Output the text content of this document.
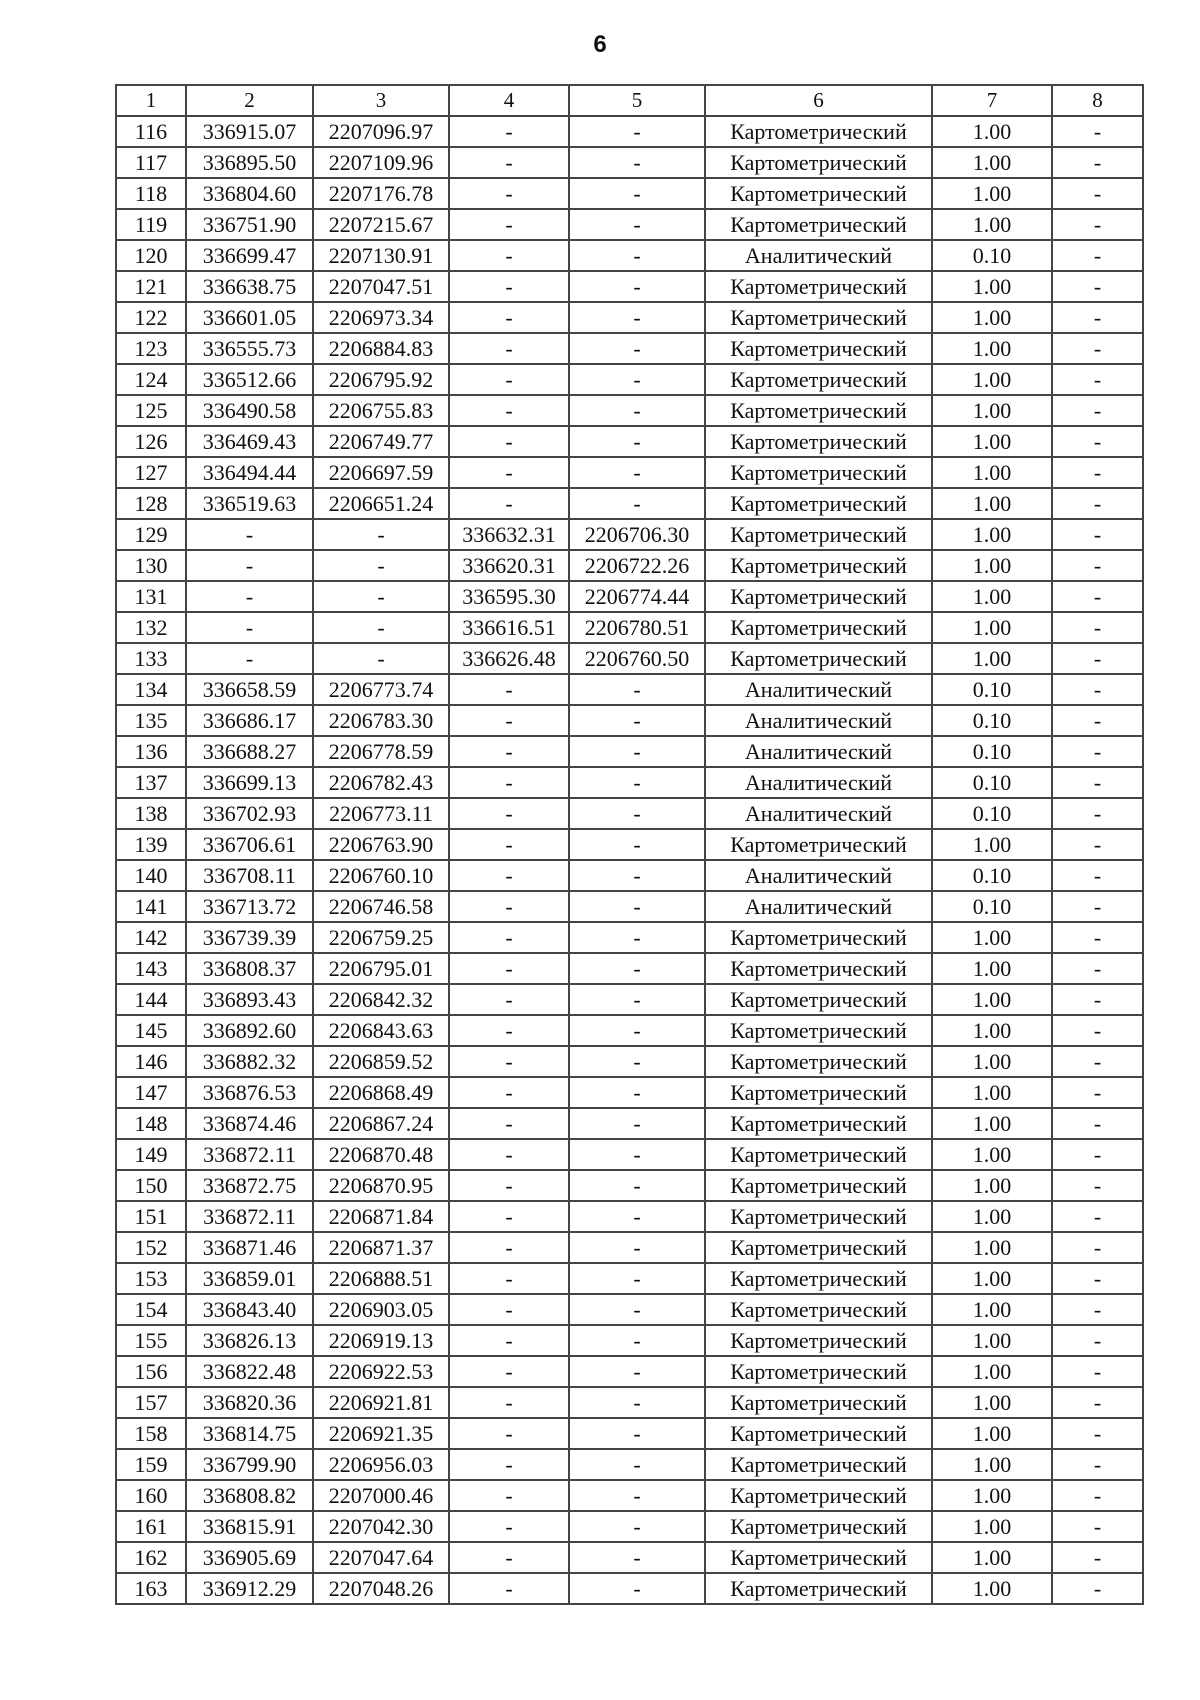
6
1	2	3	4	5	6	7	8
116	336915.07	2207096.97	-	-	Картометрический	1.00	-
117	336895.50	2207109.96	-	-	Картометрический	1.00	-
118	336804.60	2207176.78	-	-	Картометрический	1.00	-
119	336751.90	2207215.67	-	-	Картометрический	1.00	-
120	336699.47	2207130.91	-	-	Аналитический	0.10	-
121	336638.75	2207047.51	-	-	Картометрический	1.00	-
122	336601.05	2206973.34	-	-	Картометрический	1.00	-
123	336555.73	2206884.83	-	-	Картометрический	1.00	-
124	336512.66	2206795.92	-	-	Картометрический	1.00	-
125	336490.58	2206755.83	-	-	Картометрический	1.00	-
126	336469.43	2206749.77	-	-	Картометрический	1.00	-
127	336494.44	2206697.59	-	-	Картометрический	1.00	-
128	336519.63	2206651.24	-	-	Картометрический	1.00	-
129	-	-	336632.31	2206706.30	Картометрический	1.00	-
130	-	-	336620.31	2206722.26	Картометрический	1.00	-
131	-	-	336595.30	2206774.44	Картометрический	1.00	-
132	-	-	336616.51	2206780.51	Картометрический	1.00	-
133	-	-	336626.48	2206760.50	Картометрический	1.00	-
134	336658.59	2206773.74	-	-	Аналитический	0.10	-
135	336686.17	2206783.30	-	-	Аналитический	0.10	-
136	336688.27	2206778.59	-	-	Аналитический	0.10	-
137	336699.13	2206782.43	-	-	Аналитический	0.10	-
138	336702.93	2206773.11	-	-	Аналитический	0.10	-
139	336706.61	2206763.90	-	-	Картометрический	1.00	-
140	336708.11	2206760.10	-	-	Аналитический	0.10	-
141	336713.72	2206746.58	-	-	Аналитический	0.10	-
142	336739.39	2206759.25	-	-	Картометрический	1.00	-
143	336808.37	2206795.01	-	-	Картометрический	1.00	-
144	336893.43	2206842.32	-	-	Картометрический	1.00	-
145	336892.60	2206843.63	-	-	Картометрический	1.00	-
146	336882.32	2206859.52	-	-	Картометрический	1.00	-
147	336876.53	2206868.49	-	-	Картометрический	1.00	-
148	336874.46	2206867.24	-	-	Картометрический	1.00	-
149	336872.11	2206870.48	-	-	Картометрический	1.00	-
150	336872.75	2206870.95	-	-	Картометрический	1.00	-
151	336872.11	2206871.84	-	-	Картометрический	1.00	-
152	336871.46	2206871.37	-	-	Картометрический	1.00	-
153	336859.01	2206888.51	-	-	Картометрический	1.00	-
154	336843.40	2206903.05	-	-	Картометрический	1.00	-
155	336826.13	2206919.13	-	-	Картометрический	1.00	-
156	336822.48	2206922.53	-	-	Картометрический	1.00	-
157	336820.36	2206921.81	-	-	Картометрический	1.00	-
158	336814.75	2206921.35	-	-	Картометрический	1.00	-
159	336799.90	2206956.03	-	-	Картометрический	1.00	-
160	336808.82	2207000.46	-	-	Картометрический	1.00	-
161	336815.91	2207042.30	-	-	Картометрический	1.00	-
162	336905.69	2207047.64	-	-	Картометрический	1.00	-
163	336912.29	2207048.26	-	-	Картометрический	1.00	-
